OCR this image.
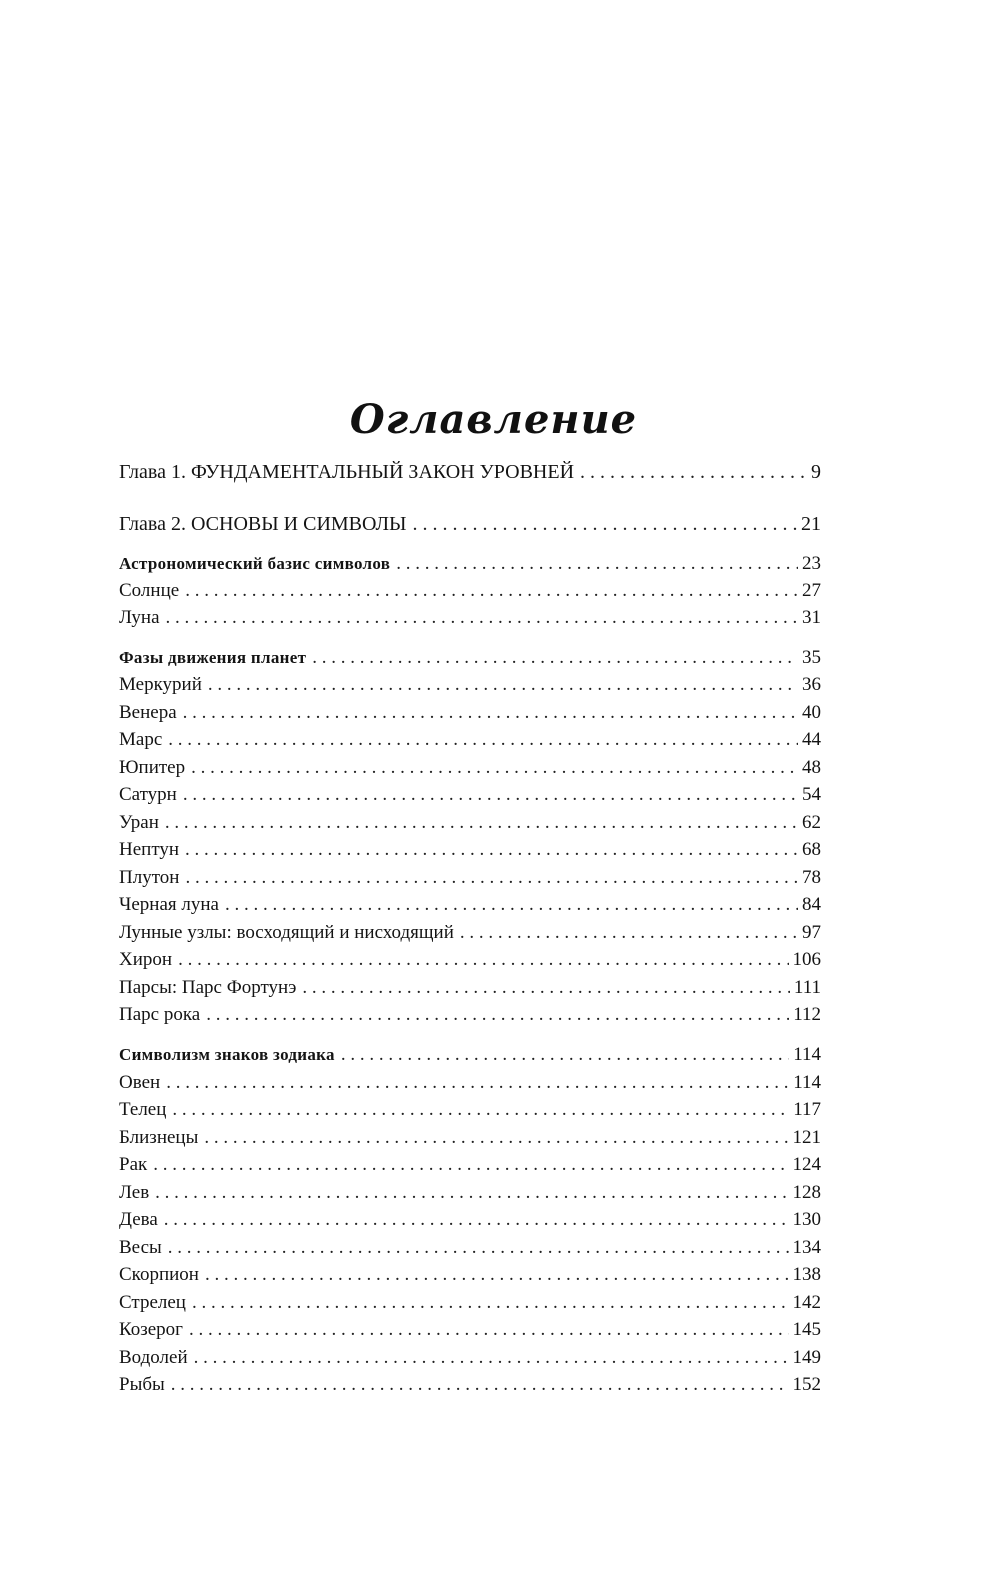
Оглавление
Глава 1. ФУНДАМЕНТАЛЬНЫЙ ЗАКОН УРОВНЕЙ . . .	9
Глава 2. ОСНОВЫ И СИМВОЛЫ . . .	21
Астрономический базис символов . . .	23
Солнце . . .	27
Луна . . .	31
Фазы движения планет . . .	35
Меркурий . . .	36
Венера . . .	40
Марс . . .	44
Юпитер . . .	48
Сатурн . . .	54
Уран . . .	62
Нептун . . .	68
Плутон . . .	78
Черная луна . . .	84
Лунные узлы: восходящий и нисходящий . . .	97
Хирон . . .	106
Парсы: Парс Фортунэ . . .	111
Парс рока . . .	112
Символизм знаков зодиака . . .	114
Овен . . .	114
Телец . . .	117
Близнецы . . .	121
Рак . . .	124
Лев . . .	128
Дева . . .	130
Весы . . .	134
Скорпион . . .	138
Стрелец . . .	142
Козерог . . .	145
Водолей . . .	149
Рыбы . . .	152
